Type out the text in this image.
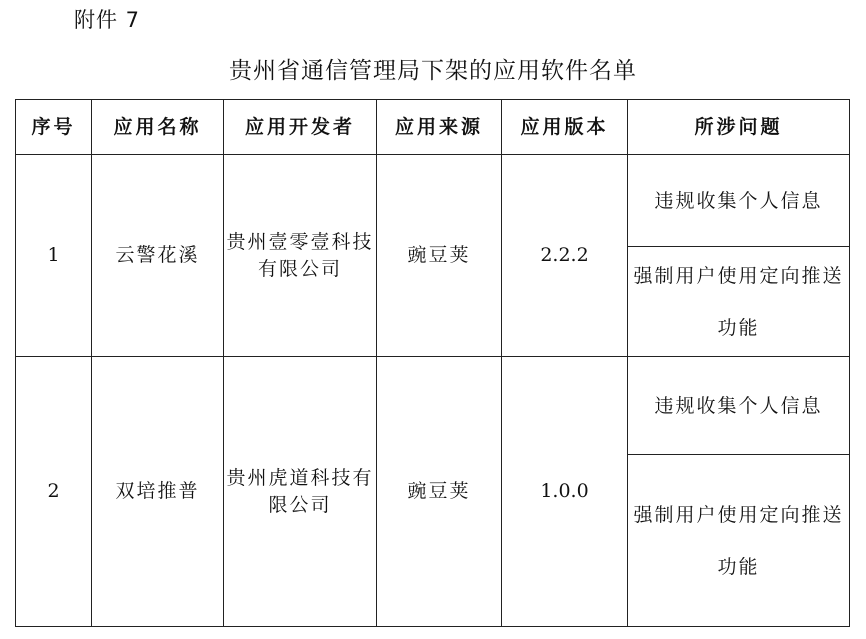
附件 7
贵州省通信管理局下架的应用软件名单
序号	应用名称	应用开发者	应用来源	应用版本	所涉问题
1	云警花溪	贵州壹零壹科技有限公司	豌豆荚	2.2.2	违规收集个人信息
					强制用户使用定向推送功能
2	双培推普	贵州虎道科技有限公司	豌豆荚	1.0.0	违规收集个人信息
					强制用户使用定向推送功能
